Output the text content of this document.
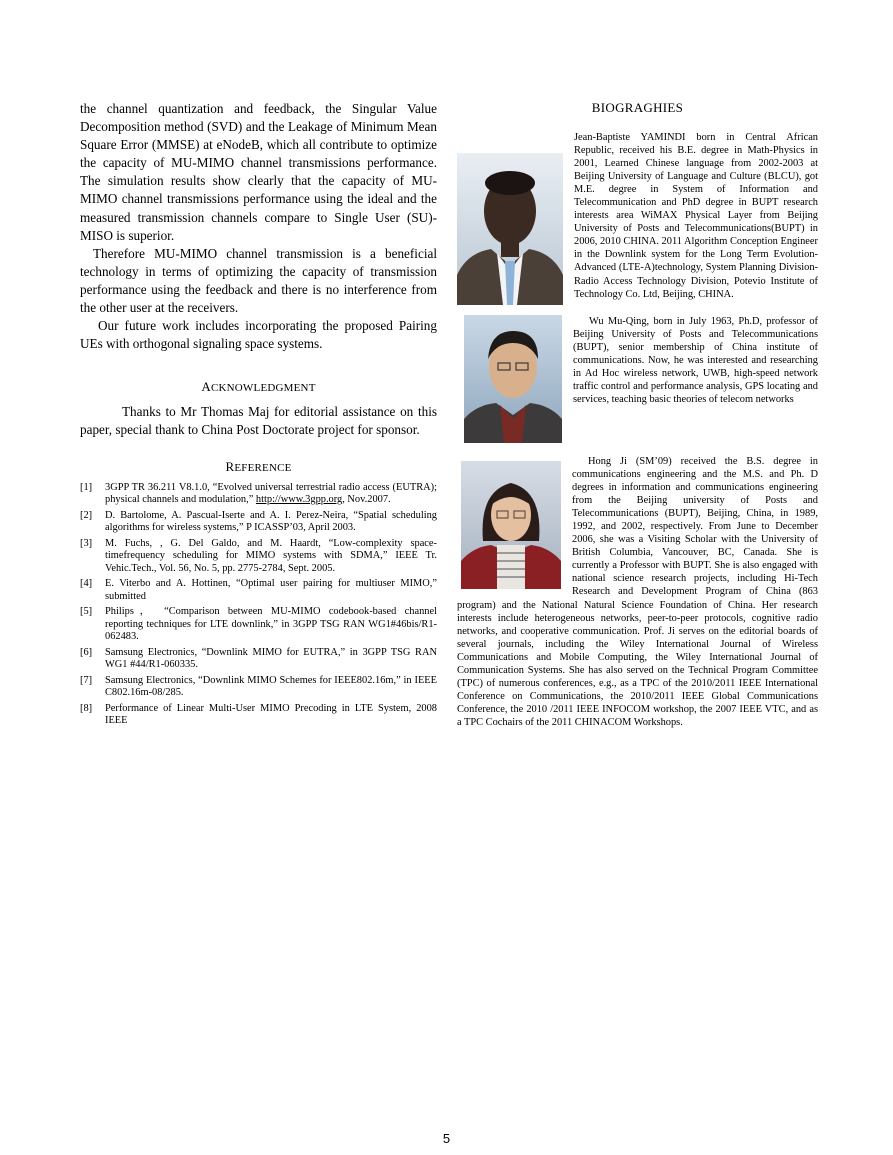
the channel quantization and feedback, the Singular Value Decomposition method (SVD) and the Leakage of Minimum Mean Square Error (MMSE) at eNodeB, which all contribute to optimize the capacity of MU-MIMO channel transmissions performance. The simulation results show clearly that the capacity of MU-MIMO channel transmissions performance using the ideal and the measured transmission channels compare to Single User (SU)-MISO is superior.

Therefore MU-MIMO channel transmission is a beneficial technology in terms of optimizing the capacity of transmission performance using the feedback and there is no interference from the other user at the receivers.

Our future work includes incorporating the proposed Pairing UEs with orthogonal signaling space systems.

ACKNOWLEDGMENT

Thanks to Mr Thomas Maj for editorial assistance on this paper, special thank to China Post Doctorate project for sponsor.

REFERENCE

[1] 3GPP TR 36.211 V8.1.0, “Evolved universal terrestrial radio access (EUTRA); physical channels and modulation,” http://www.3gpp.org, Nov.2007.
[2] D. Bartolome, A. Pascual-Iserte and A. I. Perez-Neira, “Spatial scheduling algorithms for wireless systems,” P ICASSP’03, April 2003.
[3] M. Fuchs, , G. Del Galdo, and M. Haardt, “Low-complexity space-timefrequency scheduling for MIMO systems with SDMA,” IEEE Tr. Vehic.Tech., Vol. 56, No. 5, pp. 2775-2784, Sept. 2005.
[4] E. Viterbo and A. Hottinen, “Optimal user pairing for multiuser MIMO,” submitted
[5] Philips， “Comparison between MU-MIMO codebook-based channel reporting techniques for LTE downlink,” in 3GPP TSG RAN WG1#46bis/R1-062483.
[6] Samsung Electronics, “Downlink MIMO for EUTRA,” in 3GPP TSG RAN WG1 #44/R1-060335.
[7] Samsung Electronics, “Downlink MIMO Schemes for IEEE802.16m,” in IEEE C802.16m-08/285.
[8] Performance of Linear Multi-User MIMO Precoding in LTE System, 2008 IEEE

BIOGRAGHIES

Jean-Baptiste YAMINDI born in Central African Republic, received his B.E. degree in Math-Physics in 2001, Learned Chinese language from 2002-2003 at Beijing University of Language and Culture (BLCU), got M.E. degree in System of Information and Telecommunication and PhD degree in BUPT research interests area WiMAX Physical Layer from Beijing University of Posts and Telecommunications(BUPT) in 2006, 2010 CHINA. 2011 Algorithm Conception Engineer in the Downlink system for the Long Term Evolution-Advanced (LTE-A)technology, System Planning Division-Radio Access Technology Division, Potevio Institute of Technology Co. Ltd, Beijing, CHINA.

Wu Mu-Qing, born in July 1963, Ph.D, professor of Beijing University of Posts and Telecommunications (BUPT), senior membership of China institute of communications. Now, he was interested and researching in Ad Hoc wireless network, UWB, high-speed network traffic control and performance analysis, GPS locating and services, teaching basic theories of telecom networks

Hong Ji (SM’09) received the B.S. degree in communications engineering and the M.S. and Ph. D degrees in information and communications engineering from the Beijing university of Posts and Telecommunications (BUPT), Beijing, China, in 1989, 1992, and 2002, respectively. From June to December 2006, she was a Visiting Scholar with the University of British Columbia, Vancouver, BC, Canada. She is currently a Professor with BUPT. She is also engaged with national science research projects, including Hi-Tech Research and Development Program of China (863 program) and the National Natural Science Foundation of China. Her research interests include heterogeneous networks, peer-to-peer protocols, cognitive radio networks, and cooperative communication. Prof. Ji serves on the editorial boards of several journals, including the Wiley International Journal of Wireless Communications and Mobile Computing, the Wiley International Journal of Communication Systems. She has also served on the Technical Program Committee (TPC) of numerous conferences, e.g., as a TPC of the 2010/2011 IEEE International Conference on Communications, the 2010/2011 IEEE Global Communications Conference, the 2010 /2011 IEEE INFOCOM workshop, the 2007 IEEE VTC, and as a TPC Cochairs of the 2011 CHINACOM Workshops.

5
